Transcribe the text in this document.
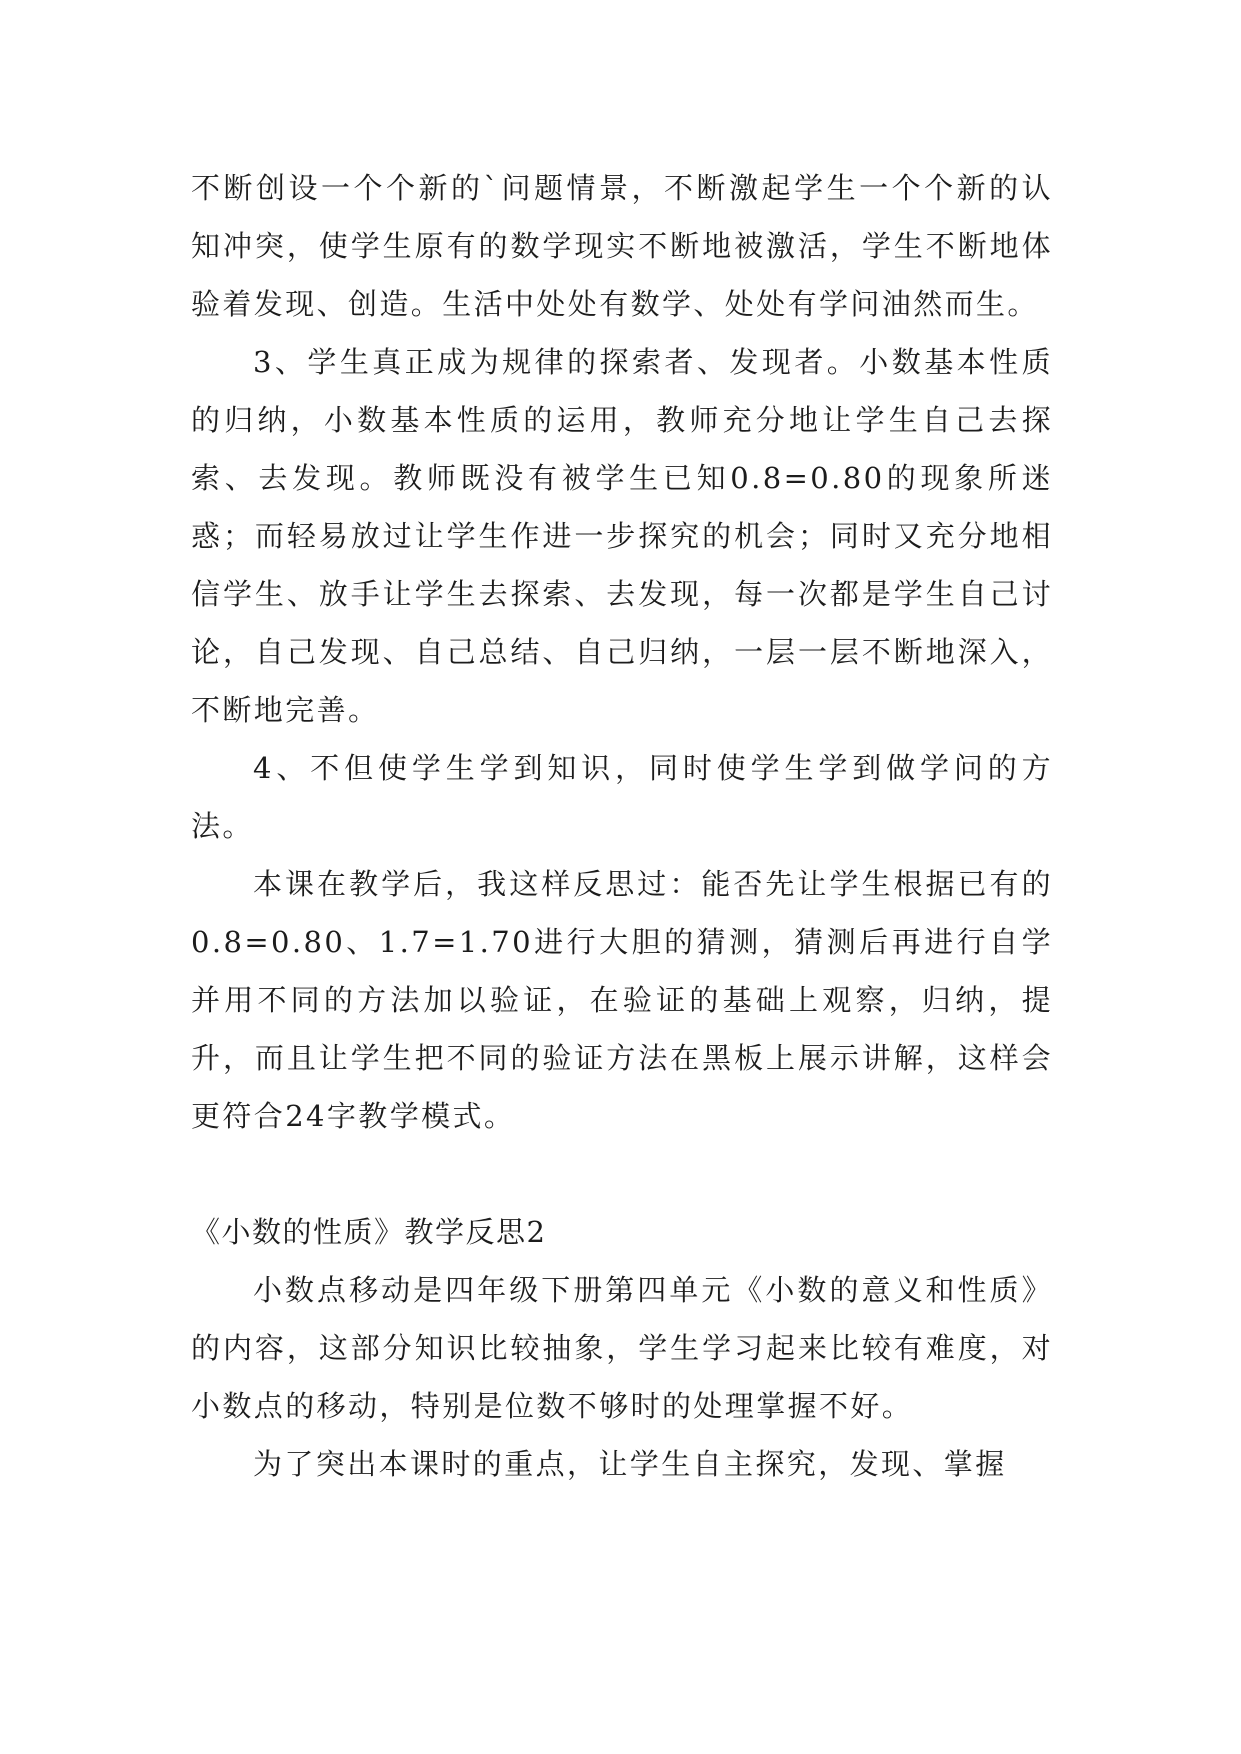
不断创设一个个新的`问题情景，不断激起学生一个个新的认知冲突，使学生原有的数学现实不断地被激活，学生不断地体验着发现、创造。生活中处处有数学、处处有学问油然而生。

3、学生真正成为规律的探索者、发现者。小数基本性质的归纳，小数基本性质的运用，教师充分地让学生自己去探索、去发现。教师既没有被学生已知0.8=0.80的现象所迷惑；而轻易放过让学生作进一步探究的机会；同时又充分地相信学生、放手让学生去探索、去发现，每一次都是学生自己讨论，自己发现、自己总结、自己归纳，一层一层不断地深入，不断地完善。

4、不但使学生学到知识，同时使学生学到做学问的方法。

本课在教学后，我这样反思过：能否先让学生根据已有的0.8=0.80、1.7=1.70进行大胆的猜测，猜测后再进行自学并用不同的方法加以验证，在验证的基础上观察，归纳，提升，而且让学生把不同的验证方法在黑板上展示讲解，这样会更符合24字教学模式。

《小数的性质》教学反思2

小数点移动是四年级下册第四单元《小数的意义和性质》的内容，这部分知识比较抽象，学生学习起来比较有难度，对小数点的移动，特别是位数不够时的处理掌握不好。

为了突出本课时的重点，让学生自主探究，发现、掌握
